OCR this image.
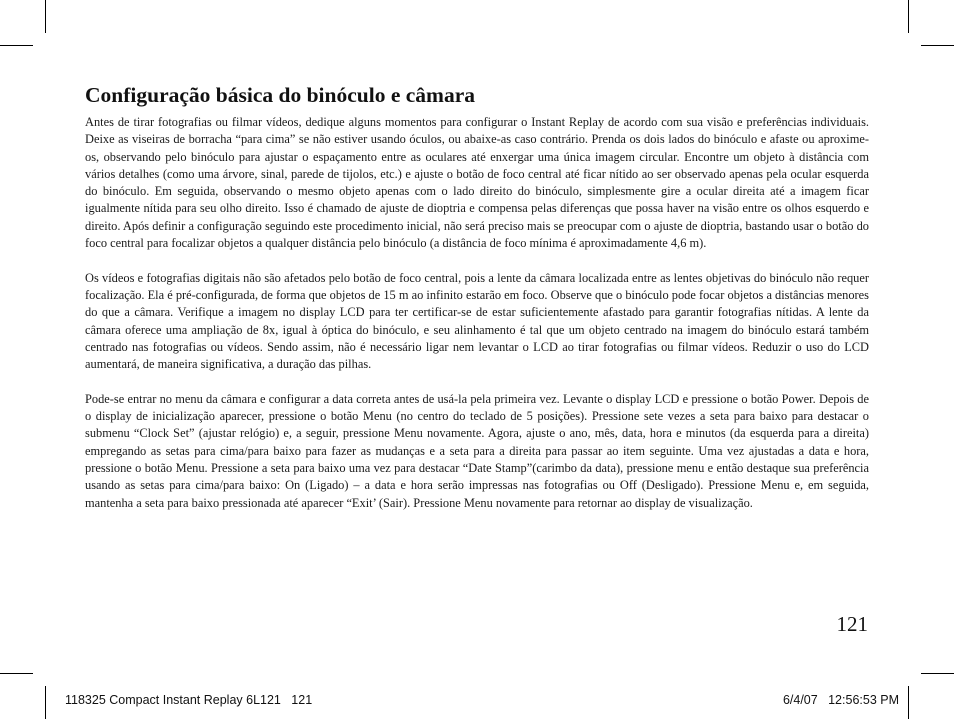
Configuração básica do binóculo e câmara

Antes de tirar fotografias ou filmar vídeos, dedique alguns momentos para configurar o Instant Replay de acordo com sua visão e preferências individuais. Deixe as viseiras de borracha “para cima” se não estiver usando óculos, ou abaixe-as caso contrário. Prenda os dois lados do binóculo e afaste ou aproxime-os, observando pelo binóculo para ajustar o espaçamento entre as oculares até enxergar uma única imagem circular. Encontre um objeto à distância com vários detalhes (como uma árvore, sinal, parede de tijolos, etc.) e ajuste o botão de foco central até ficar nítido ao ser observado apenas pela ocular esquerda do binóculo. Em seguida, observando o mesmo objeto apenas com o lado direito do binóculo, simplesmente gire a ocular direita até a imagem ficar igualmente nítida para seu olho direito. Isso é chamado de ajuste de dioptria e compensa pelas diferenças que possa haver na visão entre os olhos esquerdo e direito. Após definir a configuração seguindo este procedimento inicial, não será preciso mais se preocupar com o ajuste de dioptria, bastando usar o botão do foco central para focalizar objetos a qualquer distância pelo binóculo (a distância de foco mínima é aproximadamente 4,6 m).

Os vídeos e fotografias digitais não são afetados pelo botão de foco central, pois a lente da câmara localizada entre as lentes objetivas do binóculo não requer focalização. Ela é pré-configurada, de forma que objetos de 15 m ao infinito estarão em foco. Observe que o binóculo pode focar objetos a distâncias menores do que a câmara. Verifique a imagem no display LCD para ter certificar-se de estar suficientemente afastado para garantir fotografias nítidas. A lente da câmara oferece uma ampliação de 8x, igual à óptica do binóculo, e seu alinhamento é tal que um objeto centrado na imagem do binóculo estará também centrado nas fotografias ou vídeos. Sendo assim, não é necessário ligar nem levantar o LCD ao tirar fotografias ou filmar vídeos. Reduzir o uso do LCD aumentará, de maneira significativa, a duração das pilhas.

Pode-se entrar no menu da câmara e configurar a data correta antes de usá-la pela primeira vez. Levante o display LCD e pressione o botão Power. Depois de o display de inicialização aparecer, pressione o botão Menu (no centro do teclado de 5 posições). Pressione sete vezes a seta para baixo para destacar o submenu “Clock Set” (ajustar relógio) e, a seguir, pressione Menu novamente. Agora, ajuste o ano, mês, data, hora e minutos (da esquerda para a direita) empregando as setas para cima/para baixo para fazer as mudanças e a seta para a direita para passar ao item seguinte. Uma vez ajustadas a data e hora, pressione o botão Menu. Pressione a seta para baixo uma vez para destacar “Date Stamp”(carimbo da data), pressione menu e então destaque sua preferência usando as setas para cima/para baixo: On (Ligado) – a data e hora serão impressas nas fotografias ou Off (Desligado). Pressione Menu e, em seguida, mantenha a seta para baixo pressionada até aparecer “Exit’ (Sair). Pressione Menu novamente para retornar ao display de visualização.

121
118325 Compact Instant Replay 6L121   121	6/4/07   12:56:53 PM
